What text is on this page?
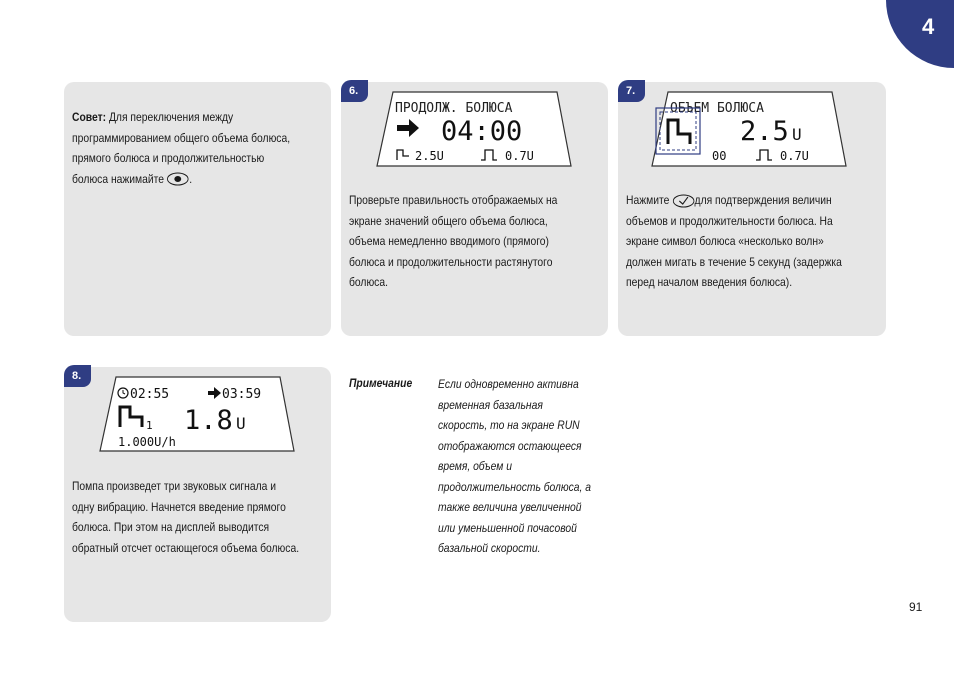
4
Совет: Для переключения между
программированием общего объема болюса,
прямого болюса и продолжительностью
болюса нажимайте .
6.
ПРОДОЛЖ. БОЛЮСА
04:00
2.5U	0.7U
Проверьте правильность отображаемых на
экране значений общего объема болюса,
объема немедленно вводимого (прямого)
болюса и продолжительности растянутого
болюса.
7.
ОБЪЕМ БОЛЮСА
2.5 U
00	0.7U
Нажмите для подтверждения величин
объемов и продолжительности болюса. На
экране символ болюса «несколько волн»
должен мигать в течение 5 секунд (задержка
перед началом введения болюса).
8.
02:55	03:59
1 1.8 U
1.000U/h
Помпа произведет три звуковых сигнала и
одну вибрацию. Начнется введение прямого
болюса. При этом на дисплей выводится
обратный отсчет остающегося объема болюса.
Примечание Если одновременно активна
временная базальная
скорость, то на экране RUN
отображаются остающееся
время, объем и
продолжительность болюса, а
также величина увеличенной
или уменьшенной почасовой
базальной скорости.
91
